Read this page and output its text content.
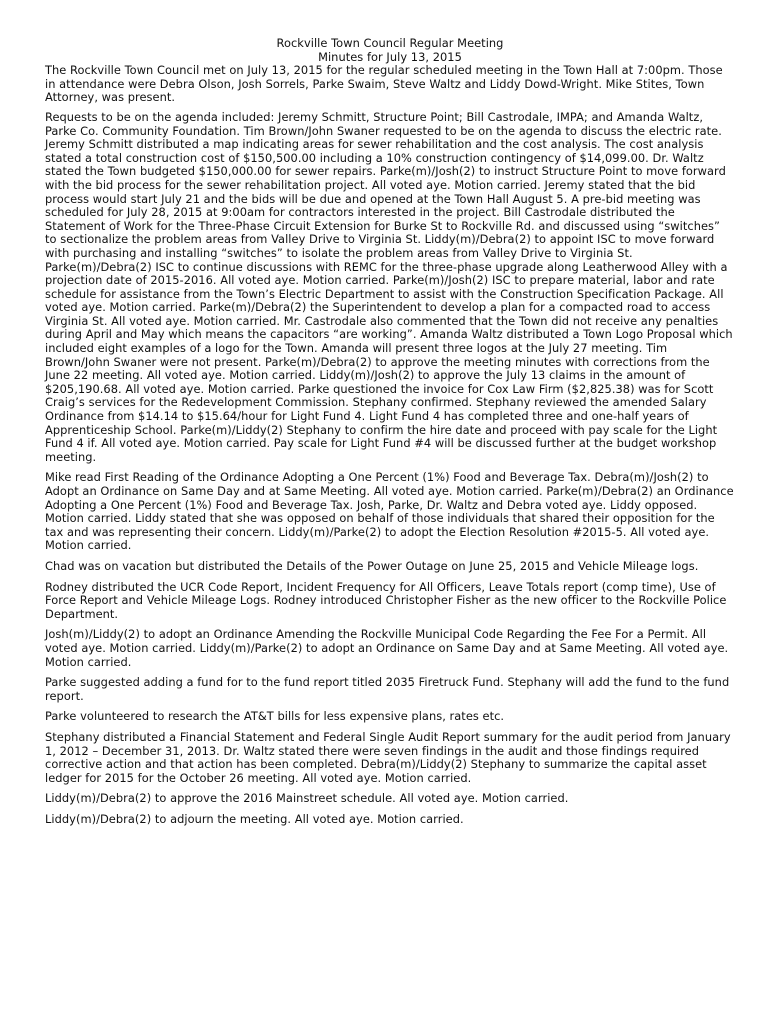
Rockville Town Council Regular Meeting
Minutes for July 13, 2015

The Rockville Town Council met on July 13, 2015 for the regular scheduled meeting in the Town Hall at 7:00pm. Those in attendance were Debra Olson, Josh Sorrels, Parke Swaim, Steve Waltz and Liddy Dowd-Wright. Mike Stites, Town Attorney, was present.

Requests to be on the agenda included: Jeremy Schmitt, Structure Point; Bill Castrodale, IMPA; and Amanda Waltz, Parke Co. Community Foundation. Tim Brown/John Swaner requested to be on the agenda to discuss the electric rate. Jeremy Schmitt distributed a map indicating areas for sewer rehabilitation and the cost analysis. The cost analysis stated a total construction cost of $150,500.00 including a 10% construction contingency of $14,099.00. Dr. Waltz stated the Town budgeted $150,000.00 for sewer repairs. Parke(m)/Josh(2) to instruct Structure Point to move forward with the bid process for the sewer rehabilitation project. All voted aye. Motion carried. Jeremy stated that the bid process would start July 21 and the bids will be due and opened at the Town Hall August 5. A pre-bid meeting was scheduled for July 28, 2015 at 9:00am for contractors interested in the project. Bill Castrodale distributed the Statement of Work for the Three-Phase Circuit Extension for Burke St to Rockville Rd. and discussed using “switches” to sectionalize the problem areas from Valley Drive to Virginia St. Liddy(m)/Debra(2) to appoint ISC to move forward with purchasing and installing “switches” to isolate the problem areas from Valley Drive to Virginia St. Parke(m)/Debra(2) ISC to continue discussions with REMC for the three-phase upgrade along Leatherwood Alley with a projection date of 2015-2016. All voted aye. Motion carried. Parke(m)/Josh(2) ISC to prepare material, labor and rate schedule for assistance from the Town’s Electric Department to assist with the Construction Specification Package. All voted aye. Motion carried. Parke(m)/Debra(2) the Superintendent to develop a plan for a compacted road to access Virginia St. All voted aye. Motion carried. Mr. Castrodale also commented that the Town did not receive any penalties during April and May which means the capacitors “are working”. Amanda Waltz distributed a Town Logo Proposal which included eight examples of a logo for the Town. Amanda will present three logos at the July 27 meeting. Tim Brown/John Swaner were not present. Parke(m)/Debra(2) to approve the meeting minutes with corrections from the June 22 meeting. All voted aye. Motion carried. Liddy(m)/Josh(2) to approve the July 13 claims in the amount of $205,190.68. All voted aye. Motion carried. Parke questioned the invoice for Cox Law Firm ($2,825.38) was for Scott Craig’s services for the Redevelopment Commission. Stephany confirmed. Stephany reviewed the amended Salary Ordinance from $14.14 to $15.64/hour for Light Fund 4. Light Fund 4 has completed three and one-half years of Apprenticeship School. Parke(m)/Liddy(2) Stephany to confirm the hire date and proceed with pay scale for the Light Fund 4 if. All voted aye. Motion carried. Pay scale for Light Fund #4 will be discussed further at the budget workshop meeting.

Mike read First Reading of the Ordinance Adopting a One Percent (1%) Food and Beverage Tax. Debra(m)/Josh(2) to Adopt an Ordinance on Same Day and at Same Meeting. All voted aye. Motion carried. Parke(m)/Debra(2) an Ordinance Adopting a One Percent (1%) Food and Beverage Tax. Josh, Parke, Dr. Waltz and Debra voted aye. Liddy opposed. Motion carried. Liddy stated that she was opposed on behalf of those individuals that shared their opposition for the tax and was representing their concern. Liddy(m)/Parke(2) to adopt the Election Resolution #2015-5. All voted aye. Motion carried.

Chad was on vacation but distributed the Details of the Power Outage on June 25, 2015 and Vehicle Mileage logs.

Rodney distributed the UCR Code Report, Incident Frequency for All Officers, Leave Totals report (comp time), Use of Force Report and Vehicle Mileage Logs. Rodney introduced Christopher Fisher as the new officer to the Rockville Police Department.

Josh(m)/Liddy(2) to adopt an Ordinance Amending the Rockville Municipal Code Regarding the Fee For a Permit. All voted aye. Motion carried. Liddy(m)/Parke(2) to adopt an Ordinance on Same Day and at Same Meeting. All voted aye. Motion carried.

Parke suggested adding a fund for to the fund report titled 2035 Firetruck Fund. Stephany will add the fund to the fund report.

Parke volunteered to research the AT&T bills for less expensive plans, rates etc.

Stephany distributed a Financial Statement and Federal Single Audit Report summary for the audit period from January 1, 2012 – December 31, 2013. Dr. Waltz stated there were seven findings in the audit and those findings required corrective action and that action has been completed. Debra(m)/Liddy(2) Stephany to summarize the capital asset ledger for 2015 for the October 26 meeting. All voted aye. Motion carried.

Liddy(m)/Debra(2) to approve the 2016 Mainstreet schedule. All voted aye. Motion carried.

Liddy(m)/Debra(2) to adjourn the meeting. All voted aye. Motion carried.
